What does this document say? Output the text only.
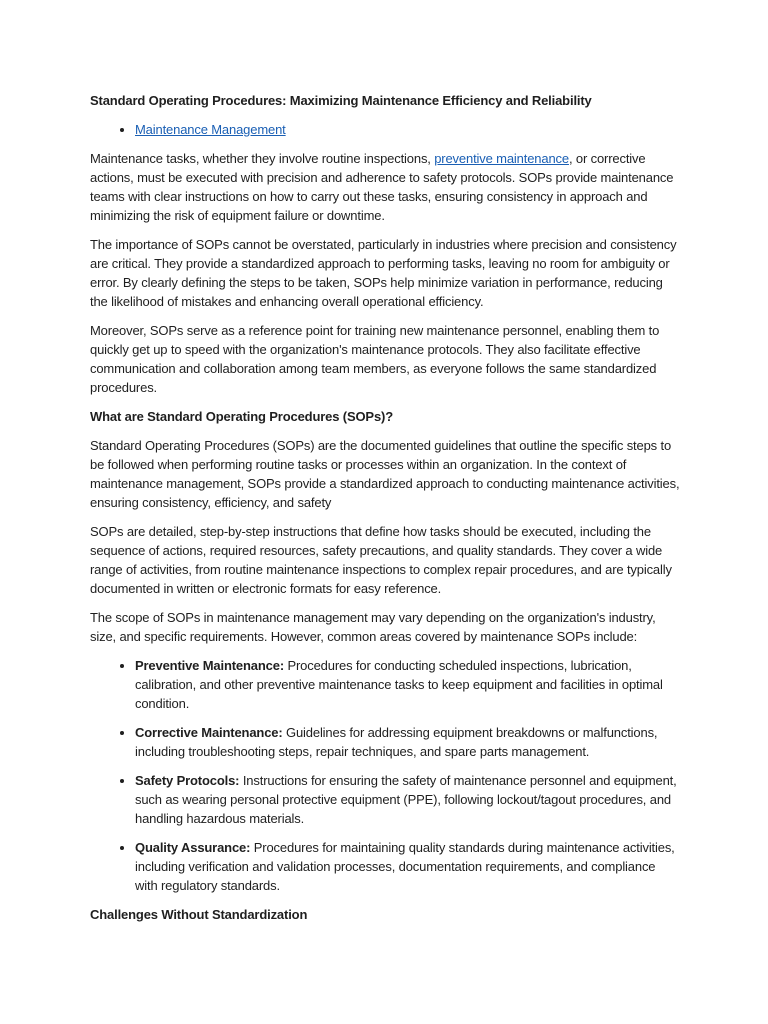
Standard Operating Procedures: Maximizing Maintenance Efficiency and Reliability

• Maintenance Management

Maintenance tasks, whether they involve routine inspections, preventive maintenance, or corrective actions, must be executed with precision and adherence to safety protocols. SOPs provide maintenance teams with clear instructions on how to carry out these tasks, ensuring consistency in approach and minimizing the risk of equipment failure or downtime.

The importance of SOPs cannot be overstated, particularly in industries where precision and consistency are critical. They provide a standardized approach to performing tasks, leaving no room for ambiguity or error. By clearly defining the steps to be taken, SOPs help minimize variation in performance, reducing the likelihood of mistakes and enhancing overall operational efficiency.

Moreover, SOPs serve as a reference point for training new maintenance personnel, enabling them to quickly get up to speed with the organization's maintenance protocols. They also facilitate effective communication and collaboration among team members, as everyone follows the same standardized procedures.

What are Standard Operating Procedures (SOPs)?

Standard Operating Procedures (SOPs) are the documented guidelines that outline the specific steps to be followed when performing routine tasks or processes within an organization. In the context of maintenance management, SOPs provide a standardized approach to conducting maintenance activities, ensuring consistency, efficiency, and safety

SOPs are detailed, step-by-step instructions that define how tasks should be executed, including the sequence of actions, required resources, safety precautions, and quality standards. They cover a wide range of activities, from routine maintenance inspections to complex repair procedures, and are typically documented in written or electronic formats for easy reference.

The scope of SOPs in maintenance management may vary depending on the organization's industry, size, and specific requirements. However, common areas covered by maintenance SOPs include:

• Preventive Maintenance: Procedures for conducting scheduled inspections, lubrication, calibration, and other preventive maintenance tasks to keep equipment and facilities in optimal condition.
• Corrective Maintenance: Guidelines for addressing equipment breakdowns or malfunctions, including troubleshooting steps, repair techniques, and spare parts management.
• Safety Protocols: Instructions for ensuring the safety of maintenance personnel and equipment, such as wearing personal protective equipment (PPE), following lockout/tagout procedures, and handling hazardous materials.
• Quality Assurance: Procedures for maintaining quality standards during maintenance activities, including verification and validation processes, documentation requirements, and compliance with regulatory standards.

Challenges Without Standardization
